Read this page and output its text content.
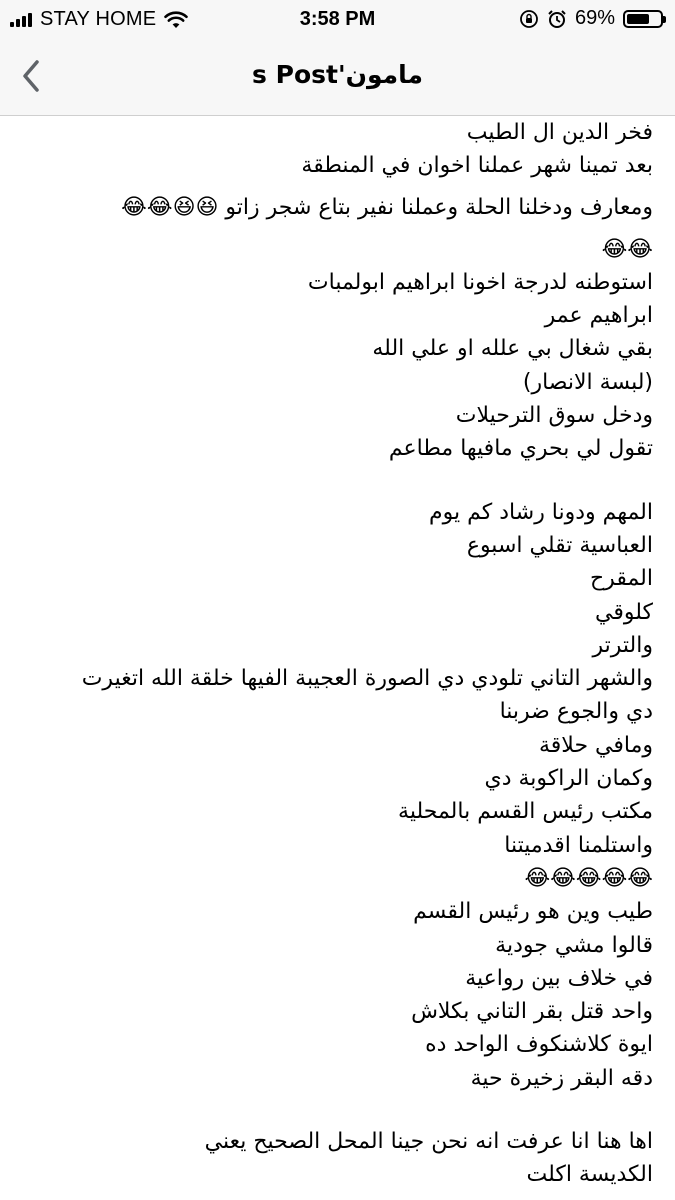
STAY HOME	3:58 PM	69%
مامون's Post
فخر الدين ال الطيب
بعد تمينا شهر عملنا اخوان في المنطقة
ومعارف ودخلنا الحلة وعملنا نفير بتاع شجر زاتو 😆😆😂😂
😂😂
استوطنه لدرجة اخونا ابراهيم ابولمبات
ابراهيم عمر
بقي شغال بي علله او علي الله
(لبسة الانصار)
ودخل سوق الترحيلات
تقول لي بحري مافيها مطاعم
المهم ودونا رشاد كم يوم
العباسية تقلي اسبوع
المقرح
كلوقي
والترتر
والشهر التاني تلودي دي الصورة العجيبة الفيها خلقة الله اتغيرت
دي والجوع ضربنا
ومافي حلاقة
وكمان الراكوبة دي
مكتب رئيس القسم بالمحلية
واستلمنا اقدميتنا
😂😂😂😂😂
طيب وين هو رئيس القسم
قالوا مشي جودية
في خلاف بين رواعية
واحد قتل بقر التاني بكلاش
ايوة كلاشنكوف الواحد ده
دقه البقر زخيرة حية
اها هنا انا عرفت انه نحن جينا المحل الصحيح يعني
الكديسة اكلت
